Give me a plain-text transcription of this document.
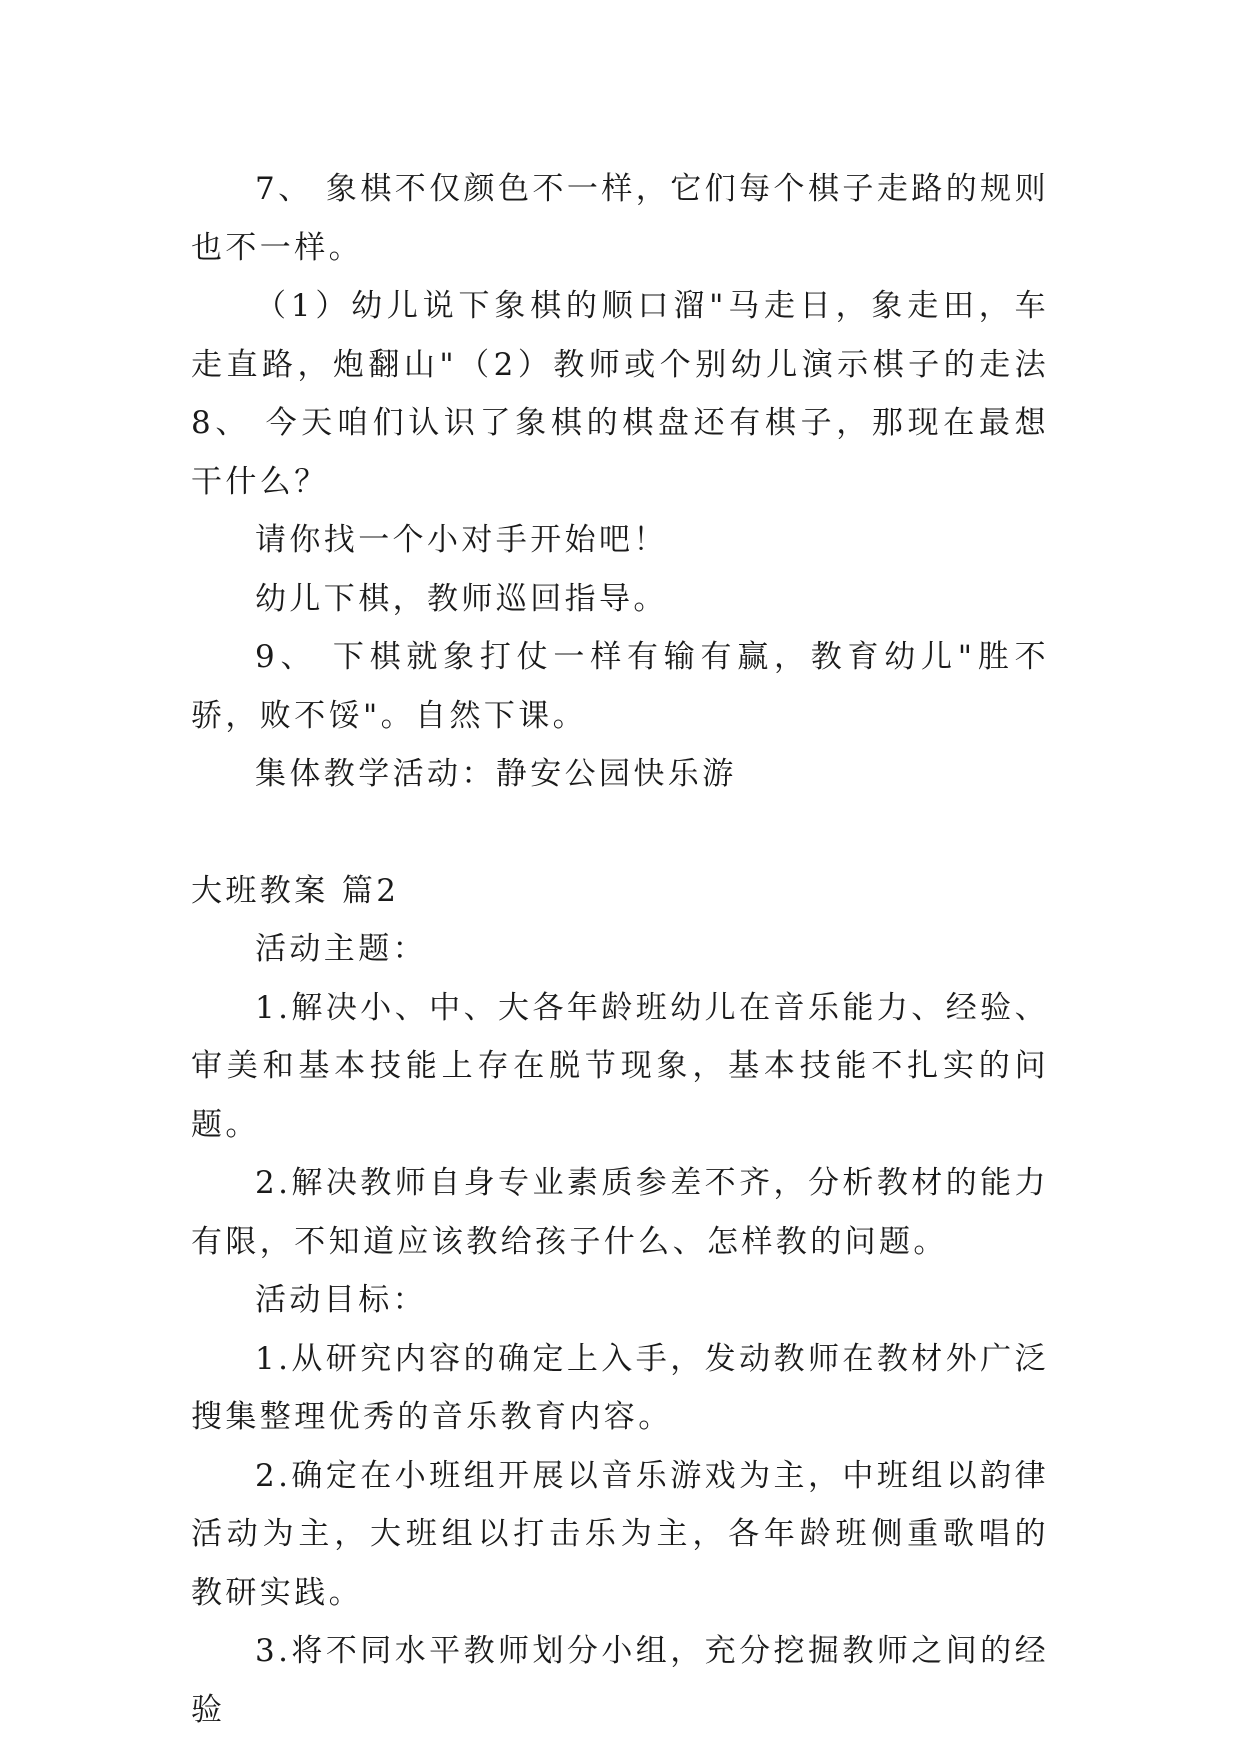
7、 象棋不仅颜色不一样，它们每个棋子走路的规则也不一样。

（1）幼儿说下象棋的顺口溜"马走日，象走田，车走直路，炮翻山"（2）教师或个别幼儿演示棋子的走法8、 今天咱们认识了象棋的棋盘还有棋子，那现在最想干什么？

请你找一个小对手开始吧！

幼儿下棋，教师巡回指导。

9、 下棋就象打仗一样有输有赢，教育幼儿"胜不骄，败不馁"。自然下课。

集体教学活动：静安公园快乐游

大班教案 篇2

活动主题：

1.解决小、中、大各年龄班幼儿在音乐能力、经验、审美和基本技能上存在脱节现象，基本技能不扎实的问题。

2.解决教师自身专业素质参差不齐，分析教材的能力有限，不知道应该教给孩子什么、怎样教的问题。

活动目标：

1.从研究内容的确定上入手，发动教师在教材外广泛搜集整理优秀的音乐教育内容。

2.确定在小班组开展以音乐游戏为主，中班组以韵律活动为主，大班组以打击乐为主，各年龄班侧重歌唱的教研实践。

3.将不同水平教师划分小组，充分挖掘教师之间的经验
